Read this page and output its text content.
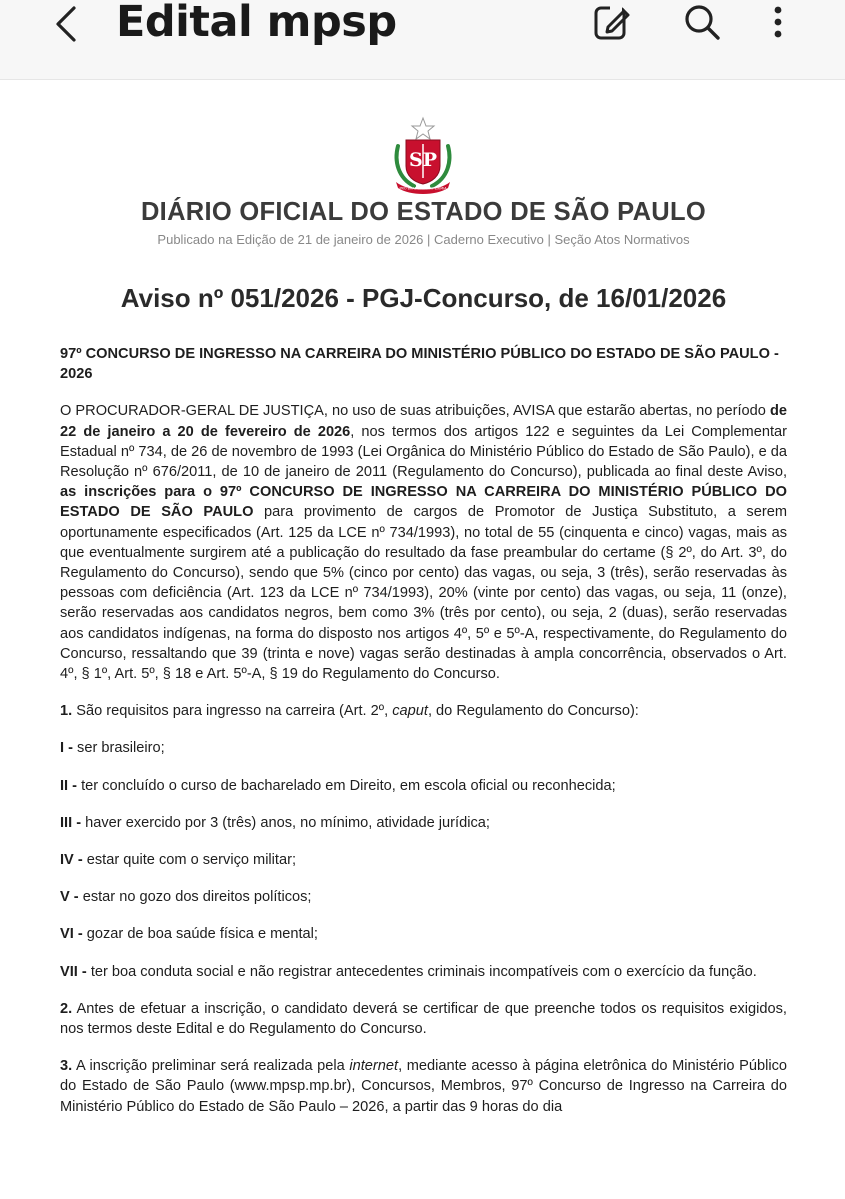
Edital mpsp
SP
PRO BRASILIA FIANT EXIMIA
DIÁRIO OFICIAL DO ESTADO DE SÃO PAULO
Publicado na Edição de 21 de janeiro de 2026 | Caderno Executivo | Seção Atos Normativos
Aviso nº 051/2026 - PGJ-Concurso, de 16/01/2026

97º CONCURSO DE INGRESSO NA CARREIRA DO MINISTÉRIO PÚBLICO DO ESTADO DE SÃO PAULO - 2026

O PROCURADOR-GERAL DE JUSTIÇA, no uso de suas atribuições, AVISA que estarão abertas, no período de 22 de janeiro a 20 de fevereiro de 2026, nos termos dos artigos 122 e seguintes da Lei Complementar Estadual nº 734, de 26 de novembro de 1993 (Lei Orgânica do Ministério Público do Estado de São Paulo), e da Resolução nº 676/2011, de 10 de janeiro de 2011 (Regulamento do Concurso), publicada ao final deste Aviso, as inscrições para o 97º CONCURSO DE INGRESSO NA CARREIRA DO MINISTÉRIO PÚBLICO DO ESTADO DE SÃO PAULO para provimento de cargos de Promotor de Justiça Substituto, a serem oportunamente especificados (Art. 125 da LCE nº 734/1993), no total de 55 (cinquenta e cinco) vagas, mais as que eventualmente surgirem até a publicação do resultado da fase preambular do certame (§ 2º, do Art. 3º, do Regulamento do Concurso), sendo que 5% (cinco por cento) das vagas, ou seja, 3 (três), serão reservadas às pessoas com deficiência (Art. 123 da LCE nº 734/1993), 20% (vinte por cento) das vagas, ou seja, 11 (onze), serão reservadas aos candidatos negros, bem como 3% (três por cento), ou seja, 2 (duas), serão reservadas aos candidatos indígenas, na forma do disposto nos artigos 4º, 5º e 5º-A, respectivamente, do Regulamento do Concurso, ressaltando que 39 (trinta e nove) vagas serão destinadas à ampla concorrência, observados o Art. 4º, § 1º, Art. 5º, § 18 e Art. 5º-A, § 19 do Regulamento do Concurso.

1. São requisitos para ingresso na carreira (Art. 2º, caput, do Regulamento do Concurso):

I - ser brasileiro;

II - ter concluído o curso de bacharelado em Direito, em escola oficial ou reconhecida;

III - haver exercido por 3 (três) anos, no mínimo, atividade jurídica;

IV - estar quite com o serviço militar;

V - estar no gozo dos direitos políticos;

VI - gozar de boa saúde física e mental;

VII - ter boa conduta social e não registrar antecedentes criminais incompatíveis com o exercício da função.

2. Antes de efetuar a inscrição, o candidato deverá se certificar de que preenche todos os requisitos exigidos, nos termos deste Edital e do Regulamento do Concurso.

3. A inscrição preliminar será realizada pela internet, mediante acesso à página eletrônica do Ministério Público do Estado de São Paulo (www.mpsp.mp.br), Concursos, Membros, 97º Concurso de Ingresso na Carreira do Ministério Público do Estado de São Paulo – 2026, a partir das 9 horas do dia
